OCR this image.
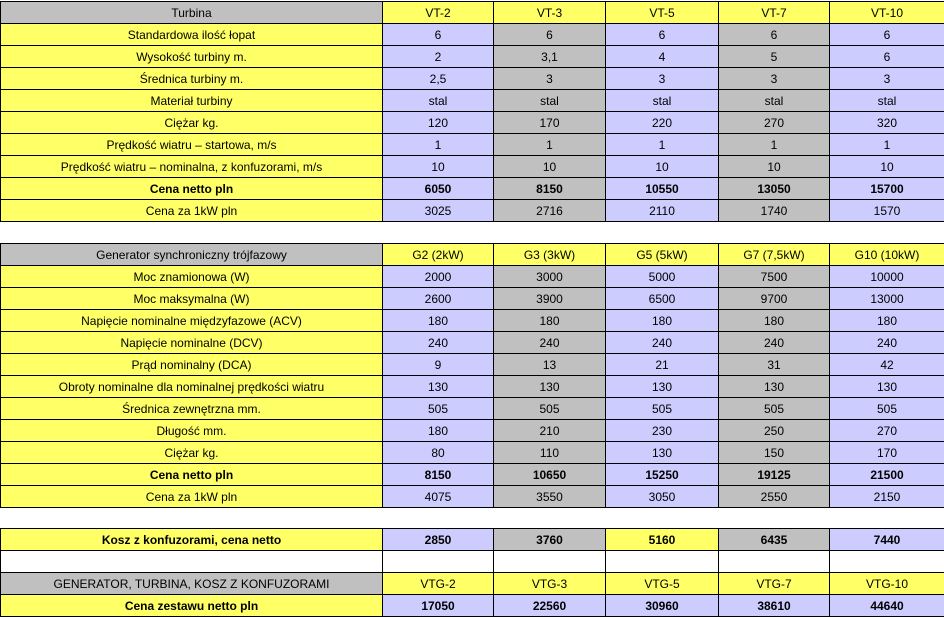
Turbina	VT-2	VT-3	VT-5	VT-7	VT-10
Standardowa ilość łopat	6	6	6	6	6
Wysokość turbiny m.	2	3,1	4	5	6
Średnica turbiny m.	2,5	3	3	3	3
Materiał turbiny	stal	stal	stal	stal	stal
Ciężar kg.	120	170	220	270	320
Prędkość wiatru – startowa, m/s	1	1	1	1	1
Prędkość wiatru – nominalna, z konfuzorami, m/s	10	10	10	10	10
Cena netto pln	6050	8150	10550	13050	15700
Cena za 1kW pln	3025	2716	2110	1740	1570
Generator synchroniczny trójfazowy	G2 (2kW)	G3 (3kW)	G5 (5kW)	G7 (7,5kW)	G10 (10kW)
Moc znamionowa (W)	2000	3000	5000	7500	10000
Moc maksymalna (W)	2600	3900	6500	9700	13000
Napięcie nominalne międzyfazowe (ACV)	180	180	180	180	180
Napięcie nominalne (DCV)	240	240	240	240	240
Prąd nominalny (DCA)	9	13	21	31	42
Obroty nominalne dla nominalnej prędkości wiatru	130	130	130	130	130
Średnica zewnętrzna mm.	505	505	505	505	505
Długość mm.	180	210	230	250	270
Ciężar kg.	80	110	130	150	170
Cena netto pln	8150	10650	15250	19125	21500
Cena za 1kW pln	4075	3550	3050	2550	2150
Kosz z konfuzorami, cena netto	2850	3760	5160	6435	7440

GENERATOR, TURBINA, KOSZ Z KONFUZORAMI	VTG-2	VTG-3	VTG-5	VTG-7	VTG-10
Cena zestawu netto pln	17050	22560	30960	38610	44640
